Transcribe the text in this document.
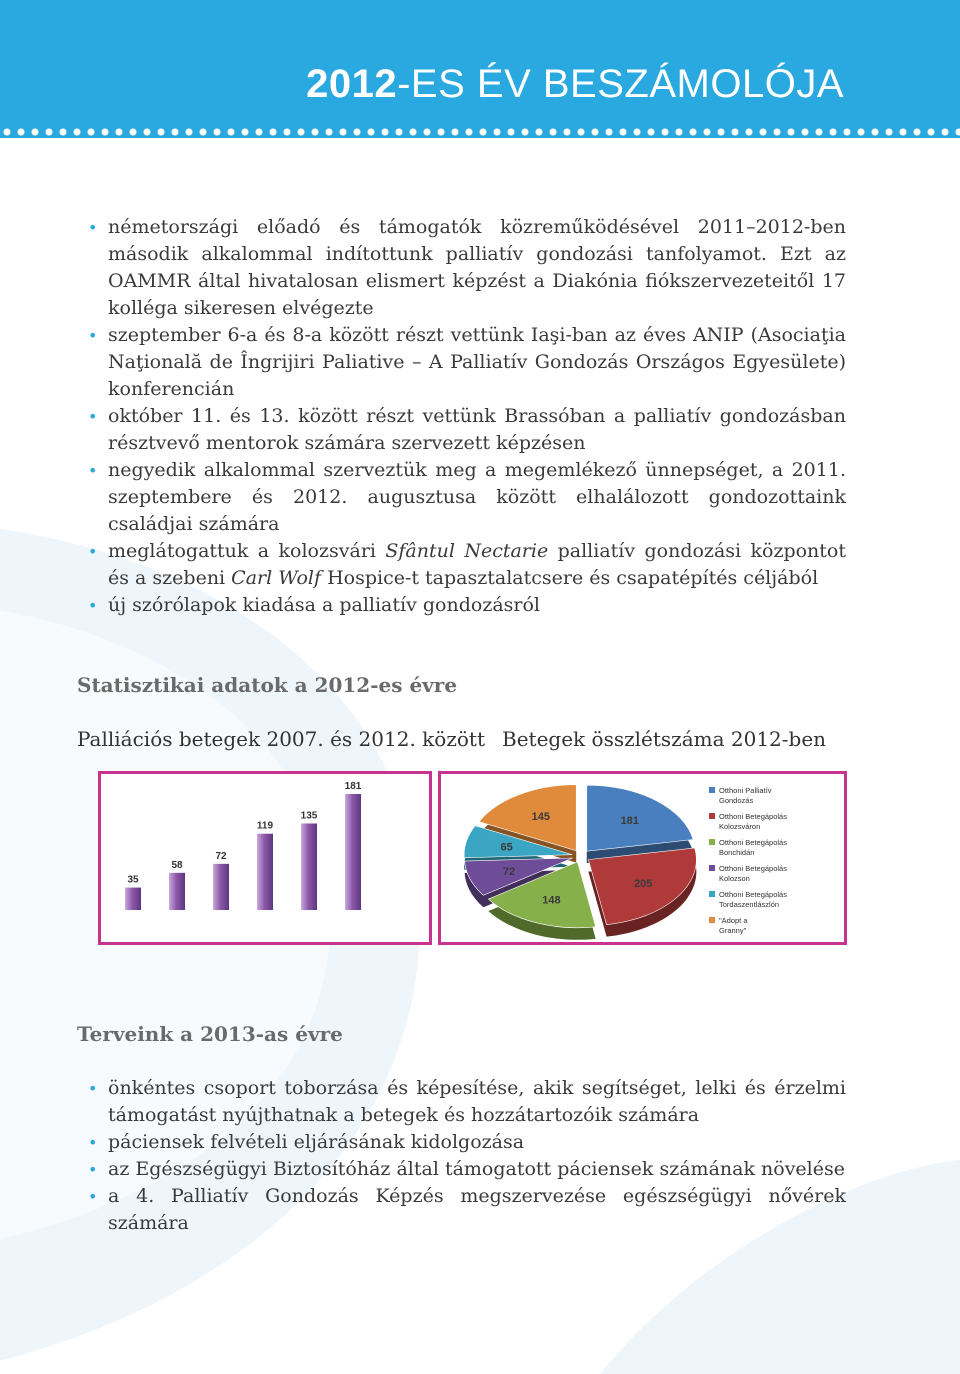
2012-ES ÉV BESZÁMOLÓJA
• németországi előadó és támogatók közreműködésével 2011–2012-ben második alkalommal indítottunk palliatív gondozási tanfolyamot. Ezt az OAMMR által hivatalosan elismert képzést a Diakónia fiókszervezeteitől 17 kolléga sikeresen elvégezte
• szeptember 6-a és 8-a között részt vettünk Iaşi-ban az éves ANIP (Asociaţia Naţională de Îngrijiri Paliative – A Palliatív Gondozás Országos Egyesülete) konferencián
• október 11. és 13. között részt vettünk Brassóban a palliatív gondozásban résztvevő mentorok számára szervezett képzésen
• negyedik alkalommal szerveztük meg a megemlékező ünnepséget, a 2011. szeptembere és 2012. augusztusa között elhalálozott gondozottaink családjai számára
• meglátogattuk a kolozsvári Sfântul Nectarie palliatív gondozási központot és a szebeni Carl Wolf Hospice-t tapasztalatcsere és csapatépítés céljából
• új szórólapok kiadása a palliatív gondozásról
Statisztikai adatok a 2012-es évre
Palliációs betegek 2007. és 2012. között Betegek összlétszáma 2012-ben
35
58
72
119
135
181
181
205
148
72
65
145
Otthoni Palliatív Gondozás
Otthoni Betegápolás Kolozsváron
Otthoni Betegápolás Bonchidán
Otthoni Betegápolás Kolozson
Otthoni Betegápolás Tordaszentlászlón
"Adopt a Granny"
Terveink a 2013-as évre
• önkéntes csoport toborzása és képesítése, akik segítséget, lelki és érzelmi támogatást nyújthatnak a betegek és hozzátartozóik számára
• páciensek felvételi eljárásának kidolgozása
• az Egészségügyi Biztosítóház által támogatott páciensek számának növelése
• a 4. Palliatív Gondozás Képzés megszervezése egészségügyi nővérek számára
